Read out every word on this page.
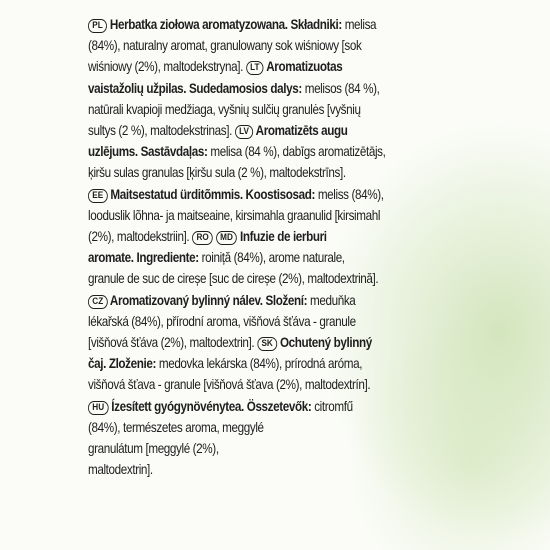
PL Herbatka ziołowa aromatyzowana. Składniki: melisa
(84%), naturalny aromat, granulowany sok wiśniowy [sok
wiśniowy (2%), maltodekstryna]. LT Aromatizuotas
vaistažolių užpilas. Sudedamosios dalys: melisos (84 %),
natūrali kvapioji medžiaga, vyšnių sulčių granulės [vyšnių
sultys (2 %), maltodekstrinas]. LV Aromatizēts augu
uzlējums. Sastāvdaļas: melisa (84 %), dabīgs aromatizētājs,
ķiršu sulas granulas [ķiršu sula (2 %), maltodekstrīns].
EE Maitsestatud ürditõmmis. Koostisosad: meliss (84%),
looduslik lõhna- ja maitseaine, kirsimahla graanulid [kirsimahl
(2%), maltodekstriin]. RO MD Infuzie de ierburi
aromate. Ingrediente: roiniță (84%), arome naturale,
granule de suc de cireșe [suc de cireșe (2%), maltodextrină].
CZ Aromatizovaný bylinný nálev. Složení: meduňka
lékařská (84%), přírodní aroma, višňová šťáva - granule
[višňová šťáva (2%), maltodextrin]. SK Ochutený bylinný
čaj. Zloženie: medovka lekárska (84%), prírodná aróma,
višňová šťava - granule [višňová šťava (2%), maltodextrín].
HU Ízesített gyógynövénytea. Összetevők: citromfű
(84%), természetes aroma, meggylé
granulátum [meggylé (2%),
maltodextrin].
